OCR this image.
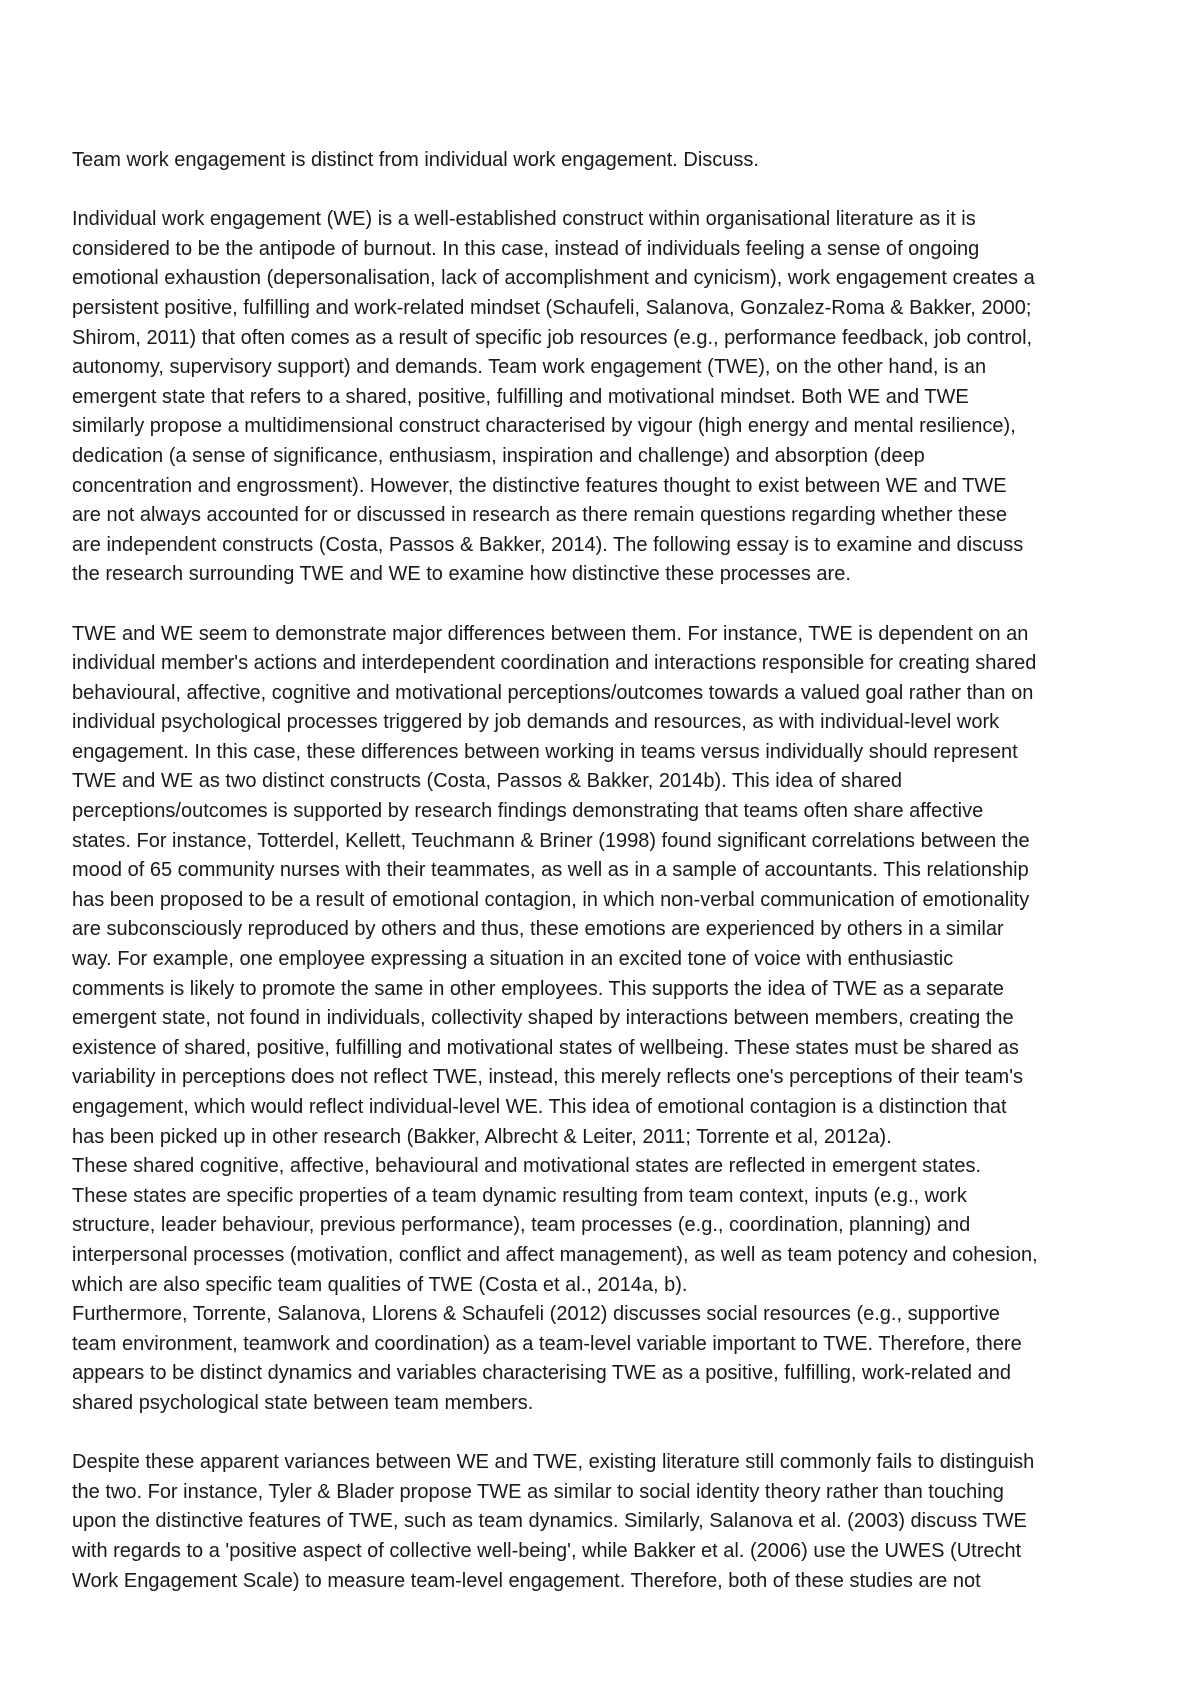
Team work engagement is distinct from individual work engagement. Discuss.

Individual work engagement (WE) is a well-established construct within organisational literature as it is
considered to be the antipode of burnout. In this case, instead of individuals feeling a sense of ongoing
emotional exhaustion (depersonalisation, lack of accomplishment and cynicism), work engagement creates a
persistent positive, fulfilling and work-related mindset (Schaufeli, Salanova, Gonzalez-Roma & Bakker, 2000;
Shirom, 2011) that often comes as a result of specific job resources (e.g., performance feedback, job control,
autonomy, supervisory support) and demands. Team work engagement (TWE), on the other hand, is an
emergent state that refers to a shared, positive, fulfilling and motivational mindset. Both WE and TWE
similarly propose a multidimensional construct characterised by vigour (high energy and mental resilience),
dedication (a sense of significance, enthusiasm, inspiration and challenge) and absorption (deep
concentration and engrossment). However, the distinctive features thought to exist between WE and TWE
are not always accounted for or discussed in research as there remain questions regarding whether these
are independent constructs (Costa, Passos & Bakker, 2014). The following essay is to examine and discuss
the research surrounding TWE and WE to examine how distinctive these processes are.

TWE and WE seem to demonstrate major differences between them. For instance, TWE is dependent on an
individual member's actions and interdependent coordination and interactions responsible for creating shared
behavioural, affective, cognitive and motivational perceptions/outcomes towards a valued goal rather than on
individual psychological processes triggered by job demands and resources, as with individual-level work
engagement. In this case, these differences between working in teams versus individually should represent
TWE and WE as two distinct constructs (Costa, Passos & Bakker, 2014b). This idea of shared
perceptions/outcomes is supported by research findings demonstrating that teams often share affective
states. For instance, Totterdel, Kellett, Teuchmann & Briner (1998) found significant correlations between the
mood of 65 community nurses with their teammates, as well as in a sample of accountants. This relationship
has been proposed to be a result of emotional contagion, in which non-verbal communication of emotionality
are subconsciously reproduced by others and thus, these emotions are experienced by others in a similar
way. For example, one employee expressing a situation in an excited tone of voice with enthusiastic
comments is likely to promote the same in other employees. This supports the idea of TWE as a separate
emergent state, not found in individuals, collectivity shaped by interactions between members, creating the
existence of shared, positive, fulfilling and motivational states of wellbeing. These states must be shared as
variability in perceptions does not reflect TWE, instead, this merely reflects one's perceptions of their team's
engagement, which would reflect individual-level WE. This idea of emotional contagion is a distinction that
has been picked up in other research (Bakker, Albrecht & Leiter, 2011; Torrente et al, 2012a).

These shared cognitive, affective, behavioural and motivational states are reflected in emergent states.
These states are specific properties of a team dynamic resulting from team context, inputs (e.g., work
structure, leader behaviour, previous performance), team processes (e.g., coordination, planning) and
interpersonal processes (motivation, conflict and affect management), as well as team potency and cohesion,
which are also specific team qualities of TWE (Costa et al., 2014a, b).

Furthermore, Torrente, Salanova, Llorens & Schaufeli (2012) discusses social resources (e.g., supportive
team environment, teamwork and coordination) as a team-level variable important to TWE. Therefore, there
appears to be distinct dynamics and variables characterising TWE as a positive, fulfilling, work-related and
shared psychological state between team members.

Despite these apparent variances between WE and TWE, existing literature still commonly fails to distinguish
the two. For instance, Tyler & Blader propose TWE as similar to social identity theory rather than touching
upon the distinctive features of TWE, such as team dynamics. Similarly, Salanova et al. (2003) discuss TWE
with regards to a 'positive aspect of collective well-being', while Bakker et al. (2006) use the UWES (Utrecht
Work Engagement Scale) to measure team-level engagement. Therefore, both of these studies are not
